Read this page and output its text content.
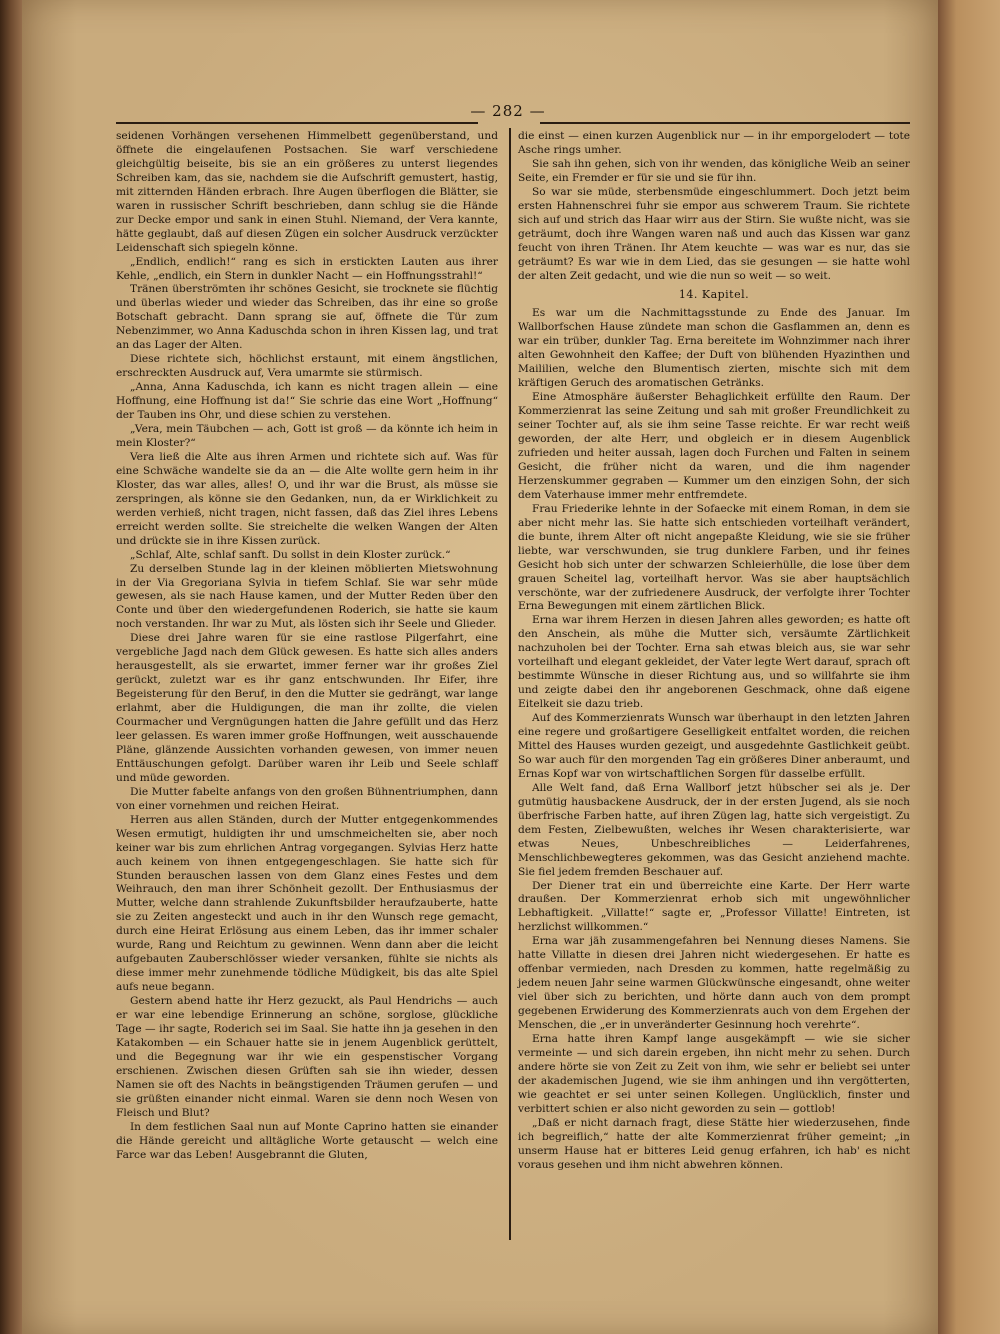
— 282 —

seidenen Vorhängen versehenen Himmelbett gegenüberstand, und öffnete die eingelaufenen Postsachen. Sie warf verschiedene gleichgültig beiseite, bis sie an ein größeres zu unterst liegendes Schreiben kam, das sie, nachdem sie die Aufschrift gemustert, hastig, mit zitternden Händen erbrach. Ihre Augen überflogen die Blätter, sie waren in russischer Schrift beschrieben, dann schlug sie die Hände zur Decke empor und sank in einen Stuhl. Niemand, der Vera kannte, hätte geglaubt, daß auf diesen Zügen ein solcher Ausdruck verzückter Leidenschaft sich spiegeln könne.

„Endlich, endlich!“ rang es sich in erstickten Lauten aus ihrer Kehle, „endlich, ein Stern in dunkler Nacht — ein Hoffnungsstrahl!“

Tränen überströmten ihr schönes Gesicht, sie trocknete sie flüchtig und überlas wieder und wieder das Schreiben, das ihr eine so große Botschaft gebracht. Dann sprang sie auf, öffnete die Tür zum Nebenzimmer, wo Anna Kaduschda schon in ihren Kissen lag, und trat an das Lager der Alten.

Diese richtete sich, höchlichst erstaunt, mit einem ängstlichen, erschreckten Ausdruck auf, Vera umarmte sie stürmisch.

„Anna, Anna Kaduschda, ich kann es nicht tragen allein — eine Hoffnung, eine Hoffnung ist da!“ Sie schrie das eine Wort „Hoffnung“ der Tauben ins Ohr, und diese schien zu verstehen.

„Vera, mein Täubchen — ach, Gott ist groß — da könnte ich heim in mein Kloster?“

Vera ließ die Alte aus ihren Armen und richtete sich auf. Was für eine Schwäche wandelte sie da an — die Alte wollte gern heim in ihr Kloster, das war alles, alles! O, und ihr war die Brust, als müsse sie zerspringen, als könne sie den Gedanken, nun, da er Wirklichkeit zu werden verhieß, nicht tragen, nicht fassen, daß das Ziel ihres Lebens erreicht werden sollte. Sie streichelte die welken Wangen der Alten und drückte sie in ihre Kissen zurück.

„Schlaf, Alte, schlaf sanft. Du sollst in dein Kloster zurück.“

Zu derselben Stunde lag in der kleinen möblierten Mietswohnung in der Via Gregoriana Sylvia in tiefem Schlaf. Sie war sehr müde gewesen, als sie nach Hause kamen, und der Mutter Reden über den Conte und über den wiedergefundenen Roderich, sie hatte sie kaum noch verstanden. Ihr war zu Mut, als lösten sich ihr Seele und Glieder.

Diese drei Jahre waren für sie eine rastlose Pilgerfahrt, eine vergebliche Jagd nach dem Glück gewesen. Es hatte sich alles anders herausgestellt, als sie erwartet, immer ferner war ihr großes Ziel gerückt, zuletzt war es ihr ganz entschwunden. Ihr Eifer, ihre Begeisterung für den Beruf, in den die Mutter sie gedrängt, war lange erlahmt, aber die Huldigungen, die man ihr zollte, die vielen Courmacher und Vergnügungen hatten die Jahre gefüllt und das Herz leer gelassen. Es waren immer große Hoffnungen, weit ausschauende Pläne, glänzende Aussichten vorhanden gewesen, von immer neuen Enttäuschungen gefolgt. Darüber waren ihr Leib und Seele schlaff und müde geworden.

Die Mutter fabelte anfangs von den großen Bühnentriumphen, dann von einer vornehmen und reichen Heirat.

Herren aus allen Ständen, durch der Mutter entgegenkommendes Wesen ermutigt, huldigten ihr und umschmeichelten sie, aber noch keiner war bis zum ehrlichen Antrag vorgegangen. Sylvias Herz hatte auch keinem von ihnen entgegengeschlagen. Sie hatte sich für Stunden berauschen lassen von dem Glanz eines Festes und dem Weihrauch, den man ihrer Schönheit gezollt. Der Enthusiasmus der Mutter, welche dann strahlende Zukunftsbilder heraufzauberte, hatte sie zu Zeiten angesteckt und auch in ihr den Wunsch rege gemacht, durch eine Heirat Erlösung aus einem Leben, das ihr immer schaler wurde, Rang und Reichtum zu gewinnen. Wenn dann aber die leicht aufgebauten Zauberschlösser wieder versanken, fühlte sie nichts als diese immer mehr zunehmende tödliche Müdigkeit, bis das alte Spiel aufs neue begann.

Gestern abend hatte ihr Herz gezuckt, als Paul Hendrichs — auch er war eine lebendige Erinnerung an schöne, sorglose, glückliche Tage — ihr sagte, Roderich sei im Saal. Sie hatte ihn ja gesehen in den Katakomben — ein Schauer hatte sie in jenem Augenblick gerüttelt, und die Begegnung war ihr wie ein gespenstischer Vorgang erschienen. Zwischen diesen Grüften sah sie ihn wieder, dessen Namen sie oft des Nachts in beängstigenden Träumen gerufen — und sie grüßten einander nicht einmal. Waren sie denn noch Wesen von Fleisch und Blut?

In dem festlichen Saal nun auf Monte Caprino hatten sie einander die Hände gereicht und alltägliche Worte getauscht — welch eine Farce war das Leben! Ausgebrannt die Gluten,

die einst — einen kurzen Augenblick nur — in ihr emporgelodert — tote Asche rings umher.

Sie sah ihn gehen, sich von ihr wenden, das königliche Weib an seiner Seite, ein Fremder er für sie und sie für ihn.

So war sie müde, sterbensmüde eingeschlummert. Doch jetzt beim ersten Hahnenschrei fuhr sie empor aus schwerem Traum. Sie richtete sich auf und strich das Haar wirr aus der Stirn. Sie wußte nicht, was sie geträumt, doch ihre Wangen waren naß und auch das Kissen war ganz feucht von ihren Tränen. Ihr Atem keuchte — was war es nur, das sie geträumt? Es war wie in dem Lied, das sie gesungen — sie hatte wohl der alten Zeit gedacht, und wie die nun so weit — so weit.

14. Kapitel.

Es war um die Nachmittagsstunde zu Ende des Januar. Im Wallborfschen Hause zündete man schon die Gasflammen an, denn es war ein trüber, dunkler Tag. Erna bereitete im Wohnzimmer nach ihrer alten Gewohnheit den Kaffee; der Duft von blühenden Hyazinthen und Maililien, welche den Blumentisch zierten, mischte sich mit dem kräftigen Geruch des aromatischen Getränks.

Eine Atmosphäre äußerster Behaglichkeit erfüllte den Raum. Der Kommerzienrat las seine Zeitung und sah mit großer Freundlichkeit zu seiner Tochter auf, als sie ihm seine Tasse reichte. Er war recht weiß geworden, der alte Herr, und obgleich er in diesem Augenblick zufrieden und heiter aussah, lagen doch Furchen und Falten in seinem Gesicht, die früher nicht da waren, und die ihm nagender Herzenskummer gegraben — Kummer um den einzigen Sohn, der sich dem Vaterhause immer mehr entfremdete.

Frau Friederike lehnte in der Sofaecke mit einem Roman, in dem sie aber nicht mehr las. Sie hatte sich entschieden vorteilhaft verändert, die bunte, ihrem Alter oft nicht angepaßte Kleidung, wie sie sie früher liebte, war verschwunden, sie trug dunklere Farben, und ihr feines Gesicht hob sich unter der schwarzen Schleierhülle, die lose über dem grauen Scheitel lag, vorteilhaft hervor. Was sie aber hauptsächlich verschönte, war der zufriedenere Ausdruck, der verfolgte ihrer Tochter Erna Bewegungen mit einem zärtlichen Blick.

Erna war ihrem Herzen in diesen Jahren alles geworden; es hatte oft den Anschein, als mühe die Mutter sich, versäumte Zärtlichkeit nachzuholen bei der Tochter. Erna sah etwas bleich aus, sie war sehr vorteilhaft und elegant gekleidet, der Vater legte Wert darauf, sprach oft bestimmte Wünsche in dieser Richtung aus, und so willfahrte sie ihm und zeigte dabei den ihr angeborenen Geschmack, ohne daß eigene Eitelkeit sie dazu trieb.

Auf des Kommerzienrats Wunsch war überhaupt in den letzten Jahren eine regere und großartigere Geselligkeit entfaltet worden, die reichen Mittel des Hauses wurden gezeigt, und ausgedehnte Gastlichkeit geübt. So war auch für den morgenden Tag ein größeres Diner anberaumt, und Ernas Kopf war von wirtschaftlichen Sorgen für dasselbe erfüllt.

Alle Welt fand, daß Erna Wallborf jetzt hübscher sei als je. Der gutmütig hausbackene Ausdruck, der in der ersten Jugend, als sie noch überfrische Farben hatte, auf ihren Zügen lag, hatte sich vergeistigt. Zu dem Festen, Zielbewußten, welches ihr Wesen charakterisierte, war etwas Neues, Unbeschreibliches — Leiderfahrenes, Menschlichbewegteres gekommen, was das Gesicht anziehend machte. Sie fiel jedem fremden Beschauer auf.

Der Diener trat ein und überreichte eine Karte. Der Herr warte draußen. Der Kommerzienrat erhob sich mit ungewöhnlicher Lebhaftigkeit. „Villatte!“ sagte er, „Professor Villatte! Eintreten, ist herzlichst willkommen.“

Erna war jäh zusammengefahren bei Nennung dieses Namens. Sie hatte Villatte in diesen drei Jahren nicht wiedergesehen. Er hatte es offenbar vermieden, nach Dresden zu kommen, hatte regelmäßig zu jedem neuen Jahr seine warmen Glückwünsche eingesandt, ohne weiter viel über sich zu berichten, und hörte dann auch von dem prompt gegebenen Erwiderung des Kommerzienrats auch von dem Ergehen der Menschen, die „er in unveränderter Gesinnung hoch verehrte“.

Erna hatte ihren Kampf lange ausgekämpft — wie sie sicher vermeinte — und sich darein ergeben, ihn nicht mehr zu sehen. Durch andere hörte sie von Zeit zu Zeit von ihm, wie sehr er beliebt sei unter der akademischen Jugend, wie sie ihm anhingen und ihn vergötterten, wie geachtet er sei unter seinen Kollegen. Unglücklich, finster und verbittert schien er also nicht geworden zu sein — gottlob!

„Daß er nicht darnach fragt, diese Stätte hier wiederzusehen, finde ich begreiflich,“ hatte der alte Kommerzienrat früher gemeint; „in unserm Hause hat er bitteres Leid genug erfahren, ich hab' es nicht voraus gesehen und ihm nicht abwehren können.
